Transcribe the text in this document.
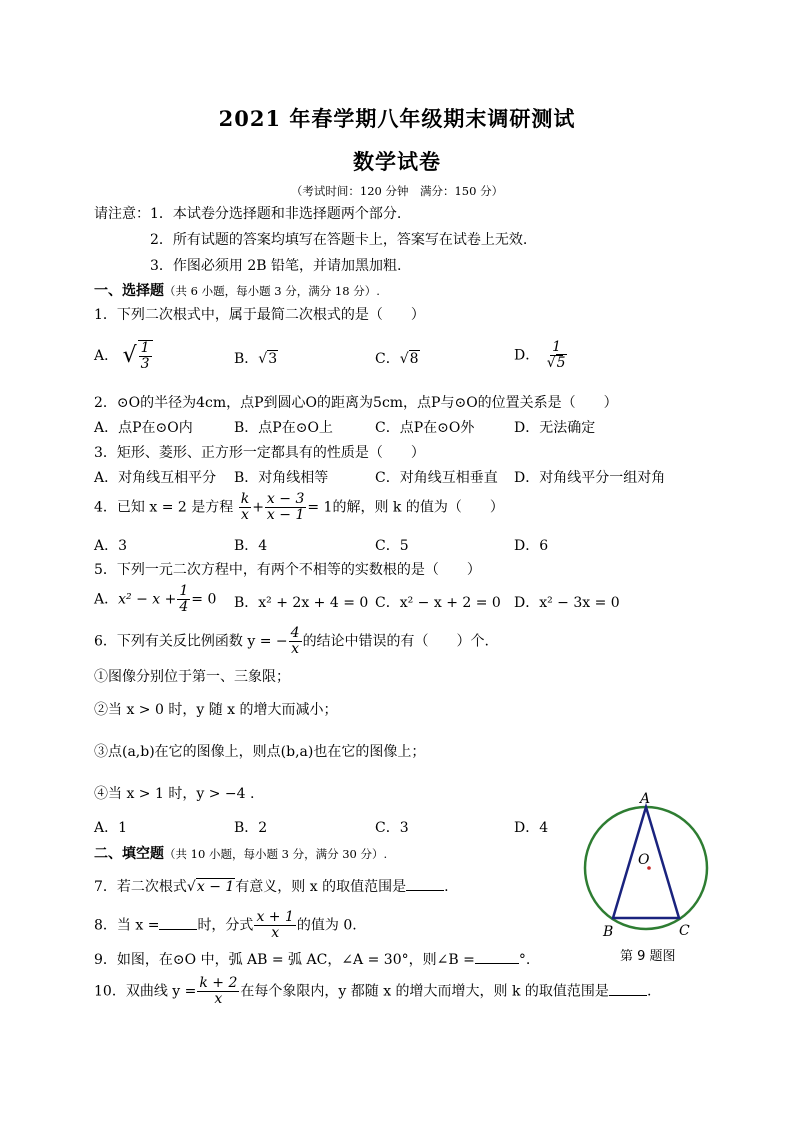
2021 年春学期八年级期末调研测试
数学试卷
（考试时间：120 分钟　满分：150 分）
请注意： 1．本试卷分选择题和非选择题两个部分.
2．所有试题的答案均填写在答题卡上，答案写在试卷上无效.
3．作图必须用 2B 铅笔，并请加黑加粗.
一、选择题（共 6 小题，每小题 3 分，满分 18 分）.
1．下列二次根式中，属于最简二次根式的是（　　）
A． √ $\frac{1}{3}$	B．√3	C．√8	D． $\frac{1}{√5}$
2．⊙O的半径为4cm，点P到圆心O的距离为5cm，点P与⊙O的位置关系是（　　）
A．点P在⊙O内	B．点P在⊙O上	C．点P在⊙O外	D．无法确定
3．矩形、菱形、正方形一定都具有的性质是（　　）
A．对角线互相平分 B．对角线相等	C．对角线互相垂直 D．对角线平分一组对角
4．已知 x = 2 是方程 $\frac{k}{x} + \frac{x - 3}{x - 1} = 1$的解，则 k 的值为（　　）
A．3	B．4	C．5	D．6
5．下列一元二次方程中，有两个不相等的实数根的是（　　）
A．$x^2 - x + \frac{1}{4} = 0$ B．x² + 2x + 4 = 0 C．x² − x + 2 = 0 D．x² − 3x = 0
6．下列有关反比例函数 y = − $\frac{4}{x}$ 的结论中错误的有（　　）个.
①图像分别位于第一、三象限；
②当 x > 0 时，y 随 x 的增大而减小；
③点(a,b)在它的图像上，则点(b,a)也在它的图像上；
④当 x > 1 时，y > −4 .
A．1	B．2	C．3	D．4
二、填空题（共 10 小题，每小题 3 分，满分 30 分）.
7．若二次根式√x − 1有意义，则 x 的取值范围是	.
8．当 x =	时，分式 $\frac{x + 1}{x}$ 的值为 0.
9．如图，在⊙O 中，弧 AB = 弧 AC，∠A = 30°，则∠B =	°.
10．双曲线 $y = \frac{k + 2}{x}$ 在每个象限内，y 都随 x 的增大而增大，则 k 的取值范围是	.
A
O
B	C
第 9 题图
